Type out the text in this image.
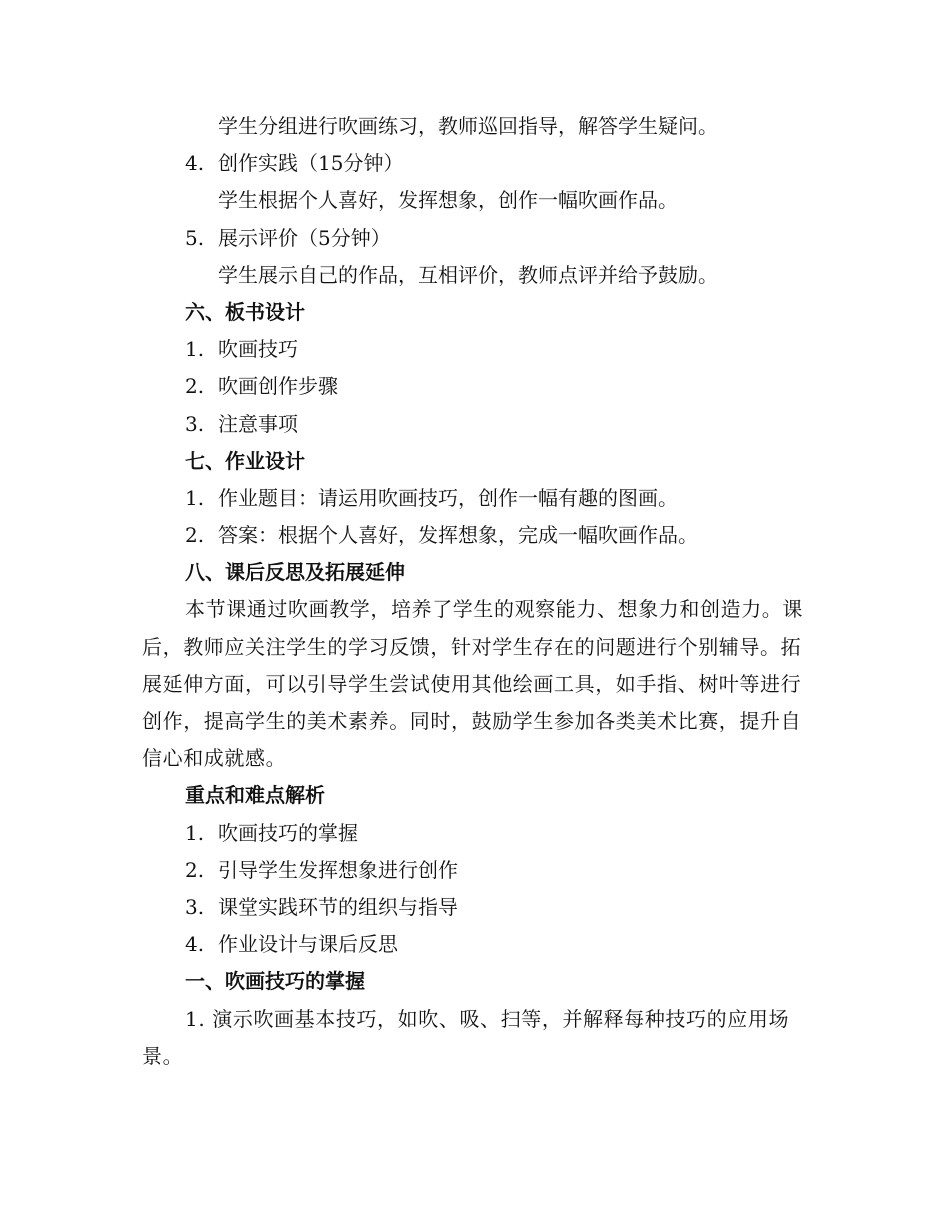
学生分组进行吹画练习，教师巡回指导，解答学生疑问。
4. 创作实践（15分钟）
学生根据个人喜好，发挥想象，创作一幅吹画作品。
5. 展示评价（5分钟）
学生展示自己的作品，互相评价，教师点评并给予鼓励。
六、板书设计
1. 吹画技巧
2. 吹画创作步骤
3. 注意事项
七、作业设计
1. 作业题目：请运用吹画技巧，创作一幅有趣的图画。
2. 答案：根据个人喜好，发挥想象，完成一幅吹画作品。
八、课后反思及拓展延伸

本节课通过吹画教学，培养了学生的观察能力、想象力和创造力。课后，教师应关注学生的学习反馈，针对学生存在的问题进行个别辅导。拓展延伸方面，可以引导学生尝试使用其他绘画工具，如手指、树叶等进行创作，提高学生的美术素养。同时，鼓励学生参加各类美术比赛，提升自信心和成就感。

重点和难点解析
1. 吹画技巧的掌握
2. 引导学生发挥想象进行创作
3. 课堂实践环节的组织与指导
4. 作业设计与课后反思
一、吹画技巧的掌握

1. 演示吹画基本技巧，如吹、吸、扫等，并解释每种技巧的应用场景。
